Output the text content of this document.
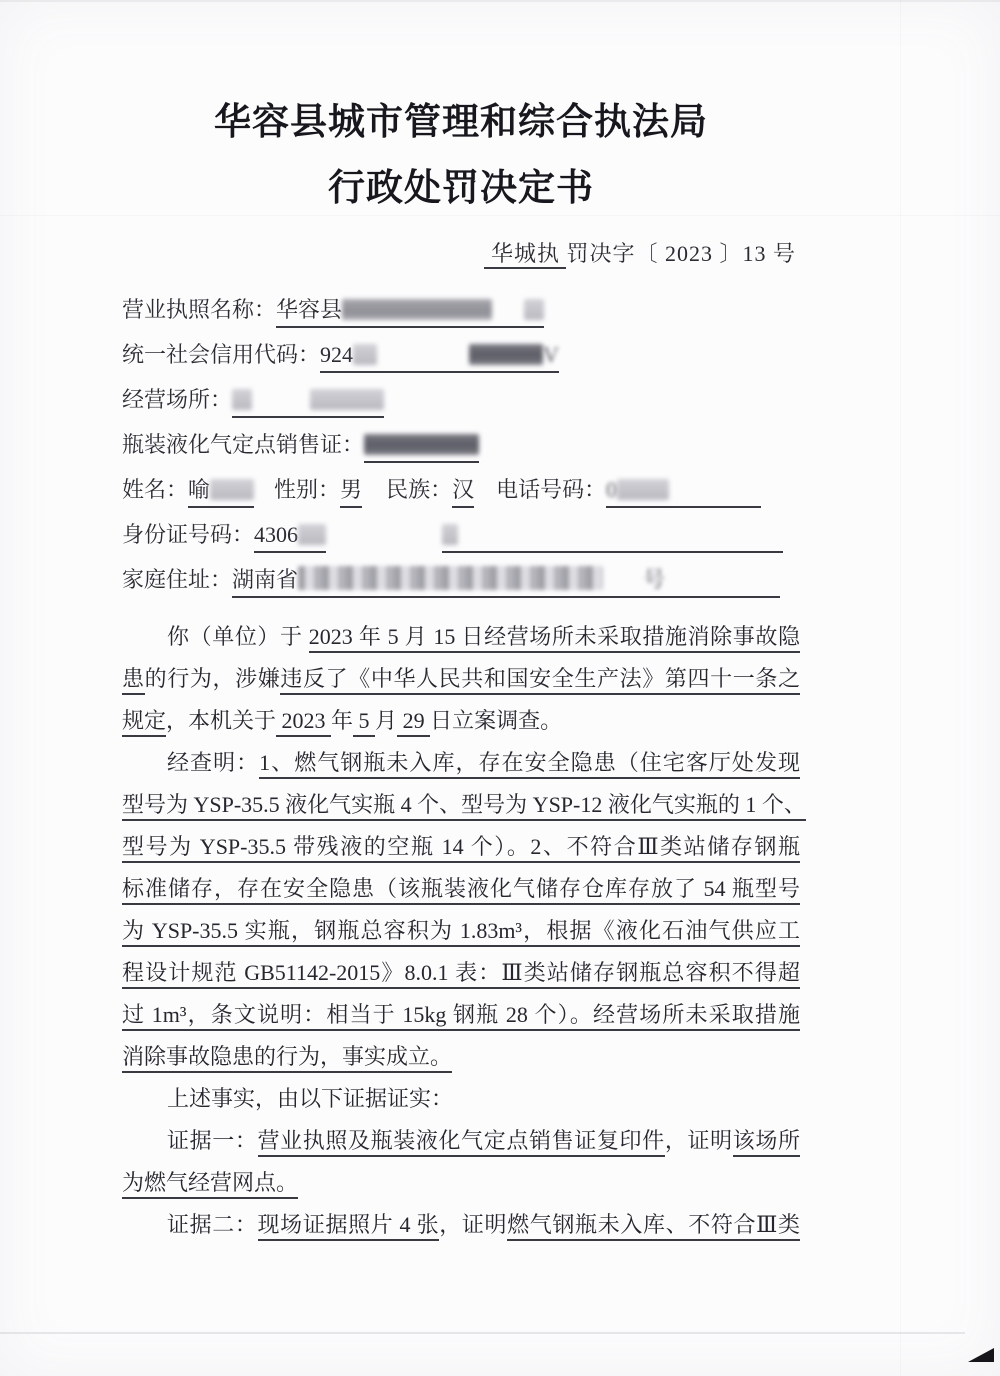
华容县城市管理和综合执法局
行政处罚决定书
华城执 罚决字〔 2023 〕13 号
营业执照名称：华容县
统一社会信用代码：924	V
经营场所：
瓶装液化气定点销售证：
姓名：喻	性别：男 民族：汉 电话号码：0
身份证号码：4306
家庭住址：湖南省	号
你（单位）于 2023 年 5 月 15 日经营场所未采取措施消除事故隐
患的行为，涉嫌违反了《中华人民共和国安全生产法》第四十一条之
规定，本机关于 2023 年 5 月 29 日立案调查。
经查明：1、燃气钢瓶未入库，存在安全隐患（住宅客厅处发现
型号为 YSP-35.5 液化气实瓶 4 个、型号为 YSP-12 液化气实瓶的 1 个、
型号为 YSP-35.5 带残液的空瓶 14 个）。2、不符合Ⅲ类站储存钢瓶
标准储存，存在安全隐患（该瓶装液化气储存仓库存放了 54 瓶型号
为 YSP-35.5 实瓶，钢瓶总容积为 1.83m³，根据《液化石油气供应工
程设计规范 GB51142-2015》8.0.1 表：Ⅲ类站储存钢瓶总容积不得超
过 1m³，条文说明：相当于 15kg 钢瓶 28 个）。经营场所未采取措施
消除事故隐患的行为，事实成立。
上述事实，由以下证据证实：
证据一：营业执照及瓶装液化气定点销售证复印件，证明该场所
为燃气经营网点。
证据二：现场证据照片 4 张，证明燃气钢瓶未入库、不符合Ⅲ类
